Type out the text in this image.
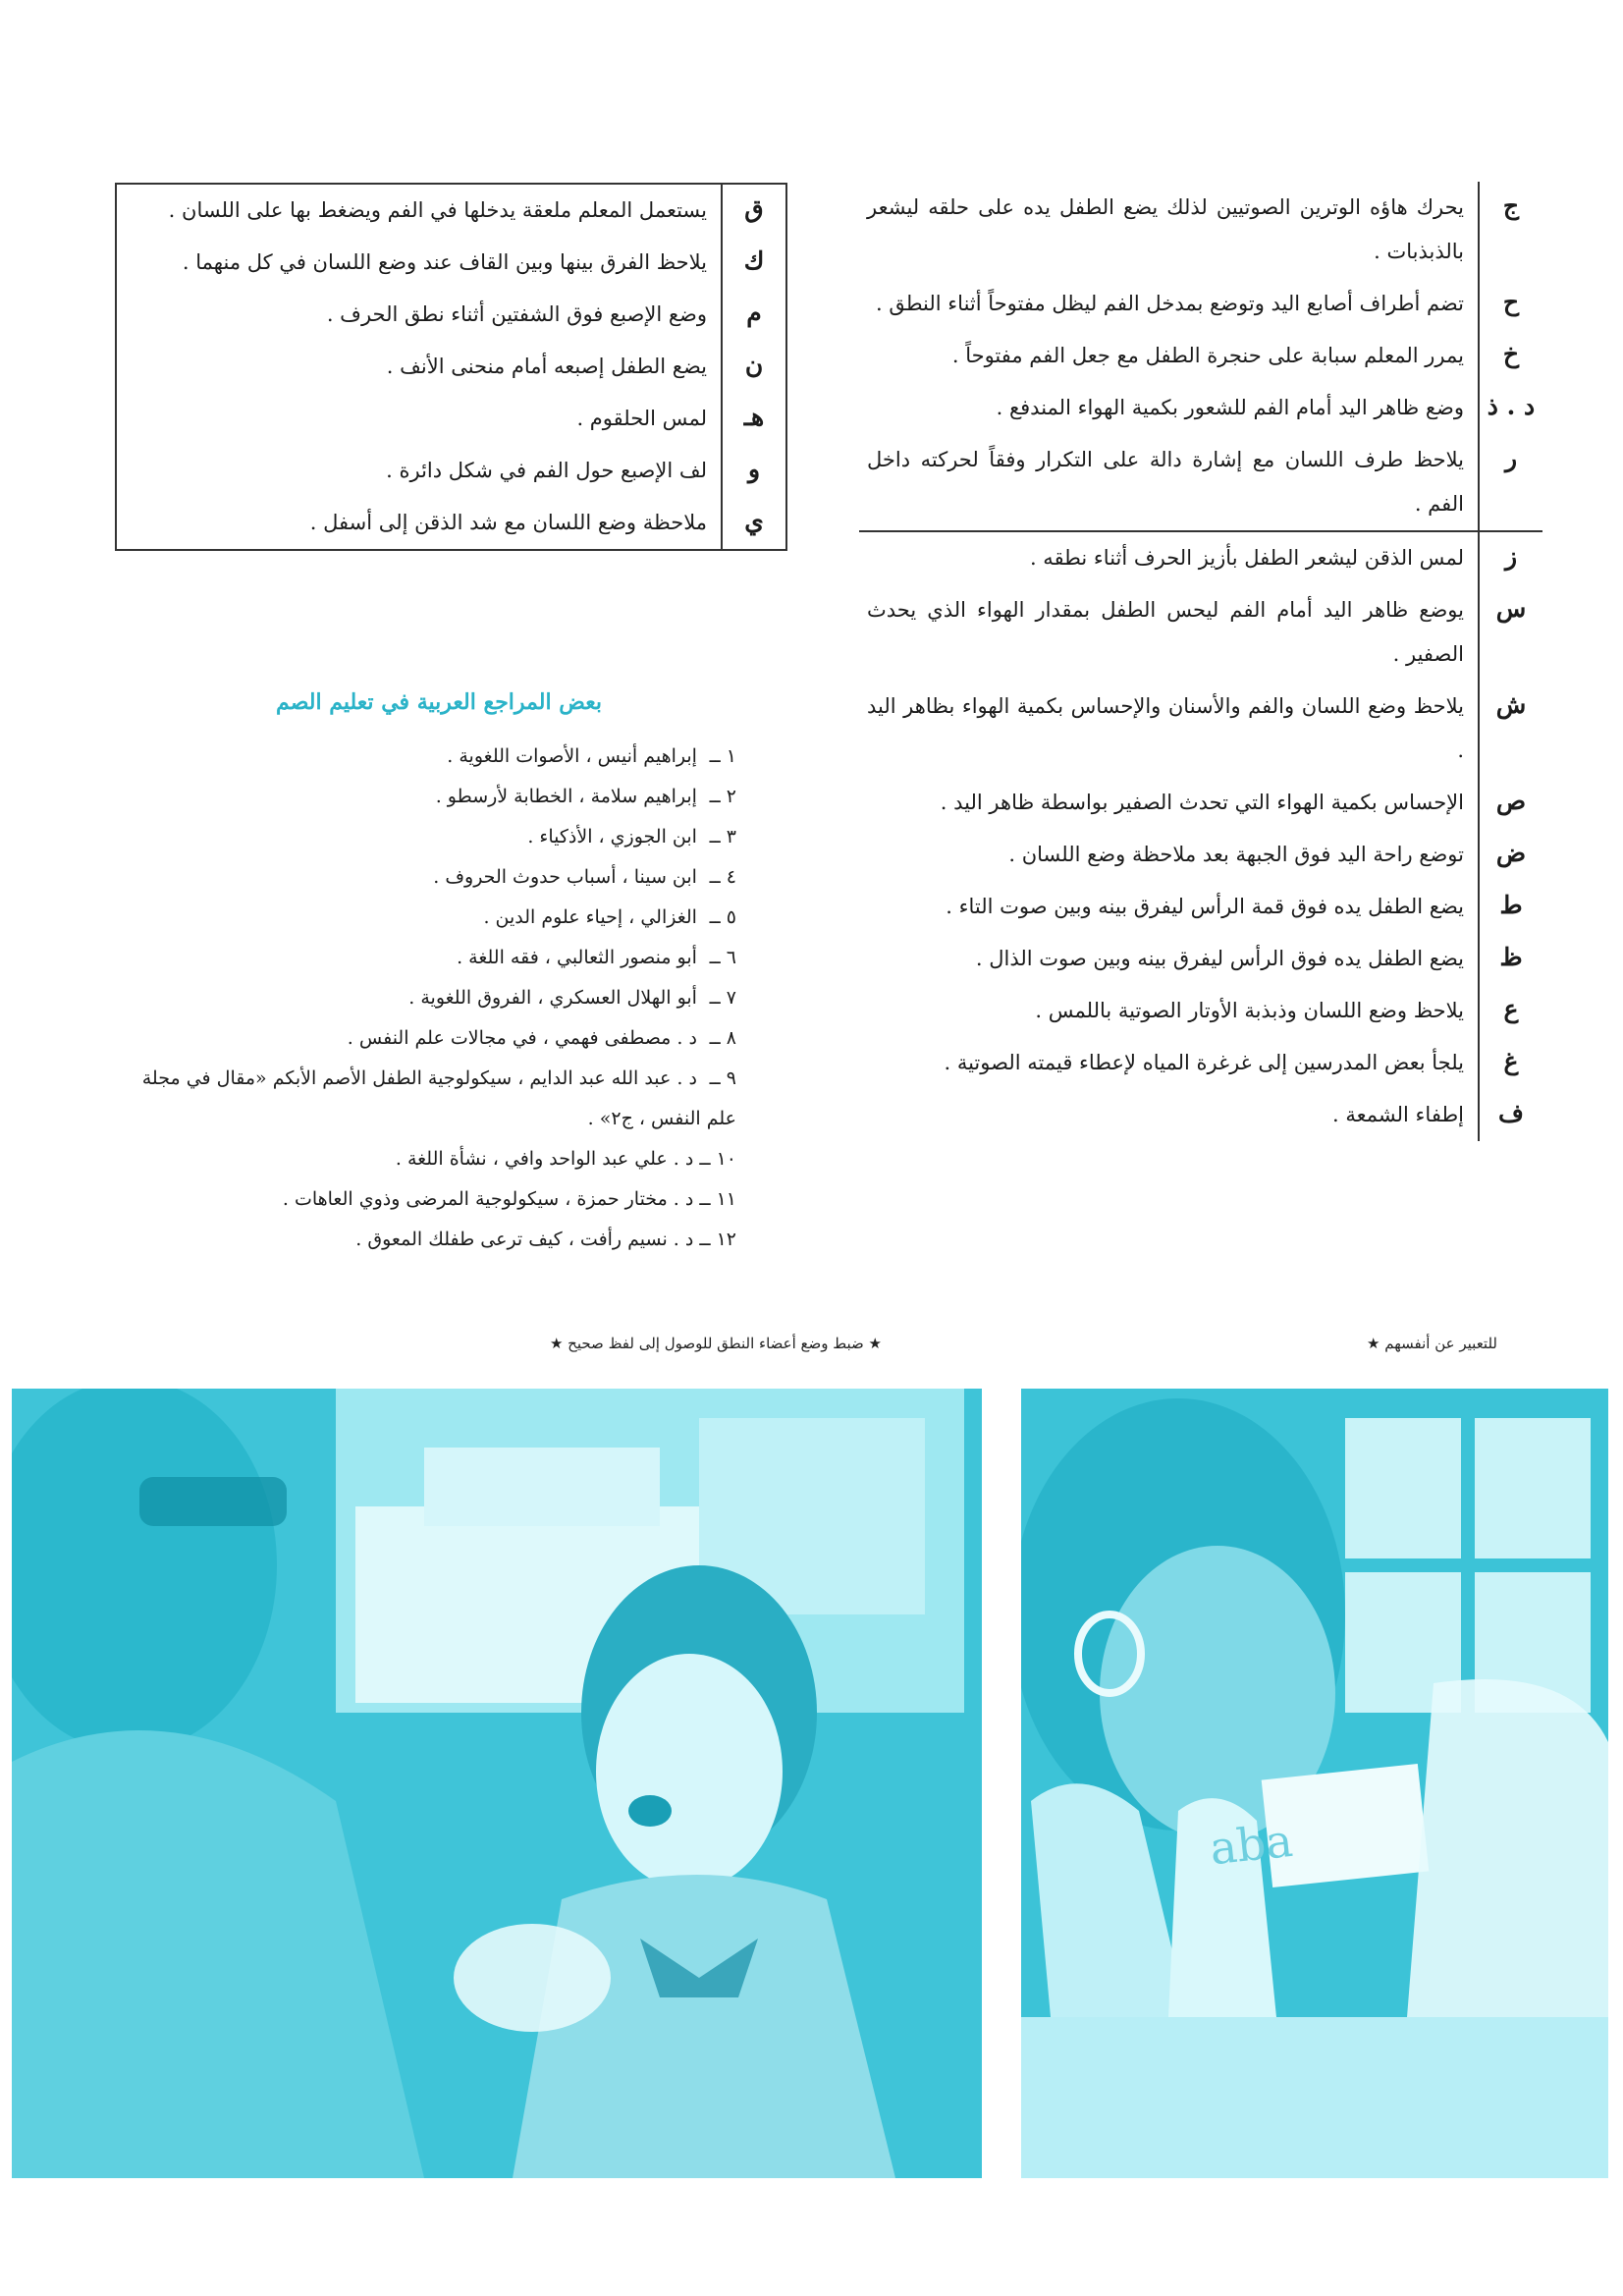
ج	يحرك هاؤه الوترين الصوتيين لذلك يضع الطفل يده على حلقه ليشعر بالذبذبات .
ح	تضم أطراف أصابع اليد وتوضع بمدخل الفم ليظل مفتوحاً أثناء النطق .
خ	يمرر المعلم سبابة على حنجرة الطفل مع جعل الفم مفتوحاً .
د . ذ	وضع ظاهر اليد أمام الفم للشعور بكمية الهواء المندفع .
ر	يلاحظ طرف اللسان مع إشارة دالة على التكرار وفقاً لحركته داخل الفم .
ز	لمس الذقن ليشعر الطفل بأزيز الحرف أثناء نطقه .
س	يوضع ظاهر اليد أمام الفم ليحس الطفل بمقدار الهواء الذي يحدث الصفير .
ش	يلاحظ وضع اللسان والفم والأسنان والإحساس بكمية الهواء بظاهر اليد .
ص	الإحساس بكمية الهواء التي تحدث الصفير بواسطة ظاهر اليد .
ض	توضع راحة اليد فوق الجبهة بعد ملاحظة وضع اللسان .
ط	يضع الطفل يده فوق قمة الرأس ليفرق بينه وبين صوت التاء .
ظ	يضع الطفل يده فوق الرأس ليفرق بينه وبين صوت الذال .
ع	يلاحظ وضع اللسان وذبذبة الأوتار الصوتية باللمس .
غ	يلجأ بعض المدرسين إلى غرغرة المياه لإعطاء قيمته الصوتية .
ف	إطفاء الشمعة .
ق	يستعمل المعلم ملعقة يدخلها في الفم ويضغط بها على اللسان .
ك	يلاحظ الفرق بينها وبين القاف عند وضع اللسان في كل منهما .
م	وضع الإصبع فوق الشفتين أثناء نطق الحرف .
ن	يضع الطفل إصبعه أمام منحنى الأنف .
هـ	لمس الحلقوم .
و	لف الإصبع حول الفم في شكل دائرة .
ي	ملاحظة وضع اللسان مع شد الذقن إلى أسفل .
بعض المراجع العربية في تعليم الصم
١ ــ إبراهيم أنيس ، الأصوات اللغوية .
٢ ــ إبراهيم سلامة ، الخطابة لأرسطو .
٣ ــ ابن الجوزي ، الأذكياء .
٤ ــ ابن سينا ، أسباب حدوث الحروف .
٥ ــ الغزالي ، إحياء علوم الدين .
٦ ــ أبو منصور الثعالبي ، فقه اللغة .
٧ ــ أبو الهلال العسكري ، الفروق اللغوية .
٨ ــ د . مصطفى فهمي ، في مجالات علم النفس .
٩ ــ د . عبد الله عبد الدايم ، سيكولوجية الطفل الأصم الأبكم «مقال في مجلة علم النفس ، ج٢» .
١٠ ــ د . علي عبد الواحد وافي ، نشأة اللغة .
١١ ــ د . مختار حمزة ، سيكولوجية المرضى وذوي العاهات .
١٢ ــ د . نسيم رأفت ، كيف ترعى طفلك المعوق .
للتعبير عن أنفسهم ★
★ ضبط وضع أعضاء النطق للوصول إلى لفظ صحيح ★
aba
